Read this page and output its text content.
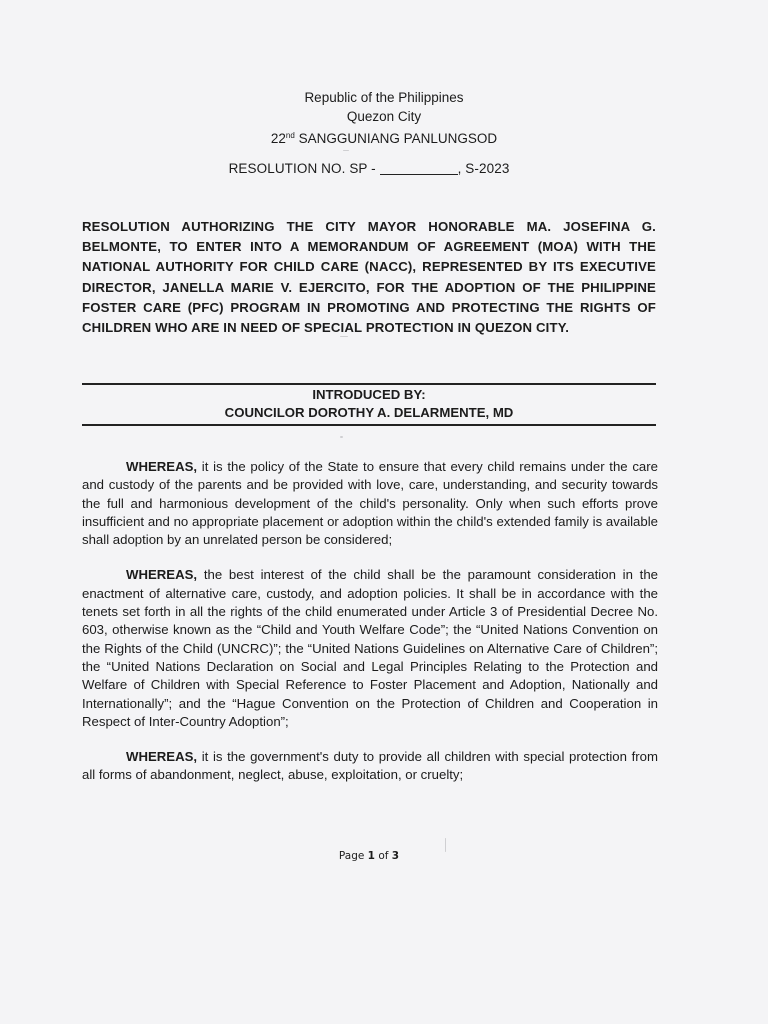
Republic of the Philippines
Quezon City
22nd SANGGUNIANG PANLUNGSOD
RESOLUTION NO. SP -	, S-2023
RESOLUTION AUTHORIZING THE CITY MAYOR HONORABLE MA. JOSEFINA G. BELMONTE, TO ENTER INTO A MEMORANDUM OF AGREEMENT (MOA) WITH THE NATIONAL AUTHORITY FOR CHILD CARE (NACC), REPRESENTED BY ITS EXECUTIVE DIRECTOR, JANELLA MARIE V. EJERCITO, FOR THE ADOPTION OF THE PHILIPPINE FOSTER CARE (PFC) PROGRAM IN PROMOTING AND PROTECTING THE RIGHTS OF CHILDREN WHO ARE IN NEED OF SPECIAL PROTECTION IN QUEZON CITY.
INTRODUCED BY:
COUNCILOR DOROTHY A. DELARMENTE, MD

WHEREAS, it is the policy of the State to ensure that every child remains under the care and custody of the parents and be provided with love, care, understanding, and security towards the full and harmonious development of the child's personality. Only when such efforts prove insufficient and no appropriate placement or adoption within the child's extended family is available shall adoption by an unrelated person be considered;

WHEREAS, the best interest of the child shall be the paramount consideration in the enactment of alternative care, custody, and adoption policies. It shall be in accordance with the tenets set forth in all the rights of the child enumerated under Article 3 of Presidential Decree No. 603, otherwise known as the “Child and Youth Welfare Code”; the “United Nations Convention on the Rights of the Child (UNCRC)”; the “United Nations Guidelines on Alternative Care of Children”; the “United Nations Declaration on Social and Legal Principles Relating to the Protection and Welfare of Children with Special Reference to Foster Placement and Adoption, Nationally and Internationally”; and the “Hague Convention on the Protection of Children and Cooperation in Respect of Inter-Country Adoption”;

WHEREAS, it is the government's duty to provide all children with special protection from all forms of abandonment, neglect, abuse, exploitation, or cruelty;

Page 1 of 3
